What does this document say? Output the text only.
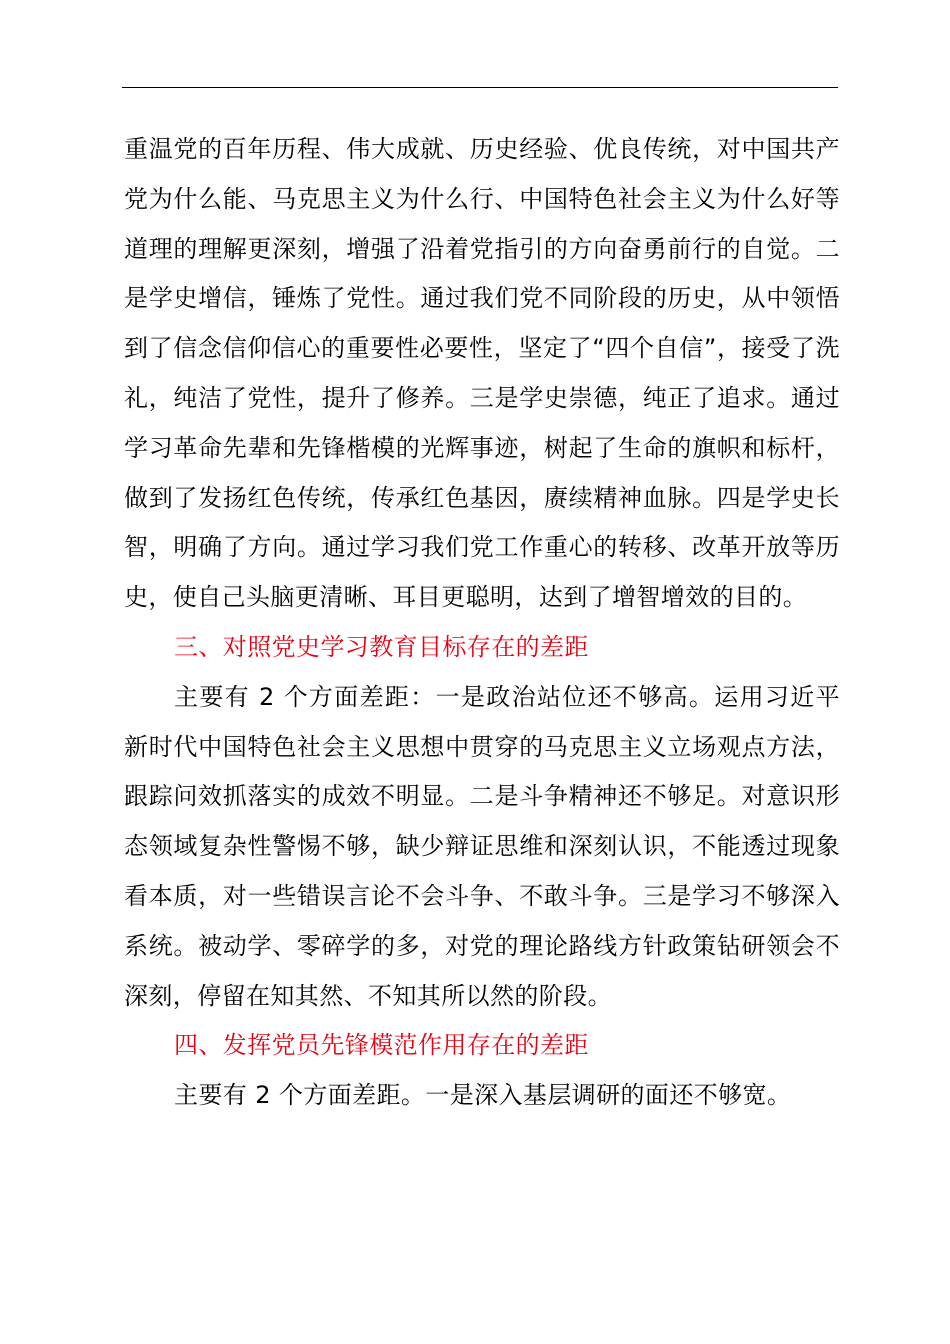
重温党的百年历程、伟大成就、历史经验、优良传统，对中国共产党为什么能、马克思主义为什么行、中国特色社会主义为什么好等道理的理解更深刻，增强了沿着党指引的方向奋勇前行的自觉。二是学史增信，锤炼了党性。通过我们党不同阶段的历史，从中领悟到了信念信仰信心的重要性必要性，坚定了“四个自信”，接受了洗礼，纯洁了党性，提升了修养。三是学史崇德，纯正了追求。通过学习革命先辈和先锋楷模的光辉事迹，树起了生命的旗帜和标杆，做到了发扬红色传统，传承红色基因，赓续精神血脉。四是学史长智，明确了方向。通过学习我们党工作重心的转移、改革开放等历史，使自己头脑更清晰、耳目更聪明，达到了增智增效的目的。

三、对照党史学习教育目标存在的差距

主要有 2 个方面差距：一是政治站位还不够高。运用习近平新时代中国特色社会主义思想中贯穿的马克思主义立场观点方法，跟踪问效抓落实的成效不明显。二是斗争精神还不够足。对意识形态领域复杂性警惕不够，缺少辩证思维和深刻认识，不能透过现象看本质，对一些错误言论不会斗争、不敢斗争。三是学习不够深入系统。被动学、零碎学的多，对党的理论路线方针政策钻研领会不深刻，停留在知其然、不知其所以然的阶段。

四、发挥党员先锋模范作用存在的差距

主要有 2 个方面差距。一是深入基层调研的面还不够宽。
